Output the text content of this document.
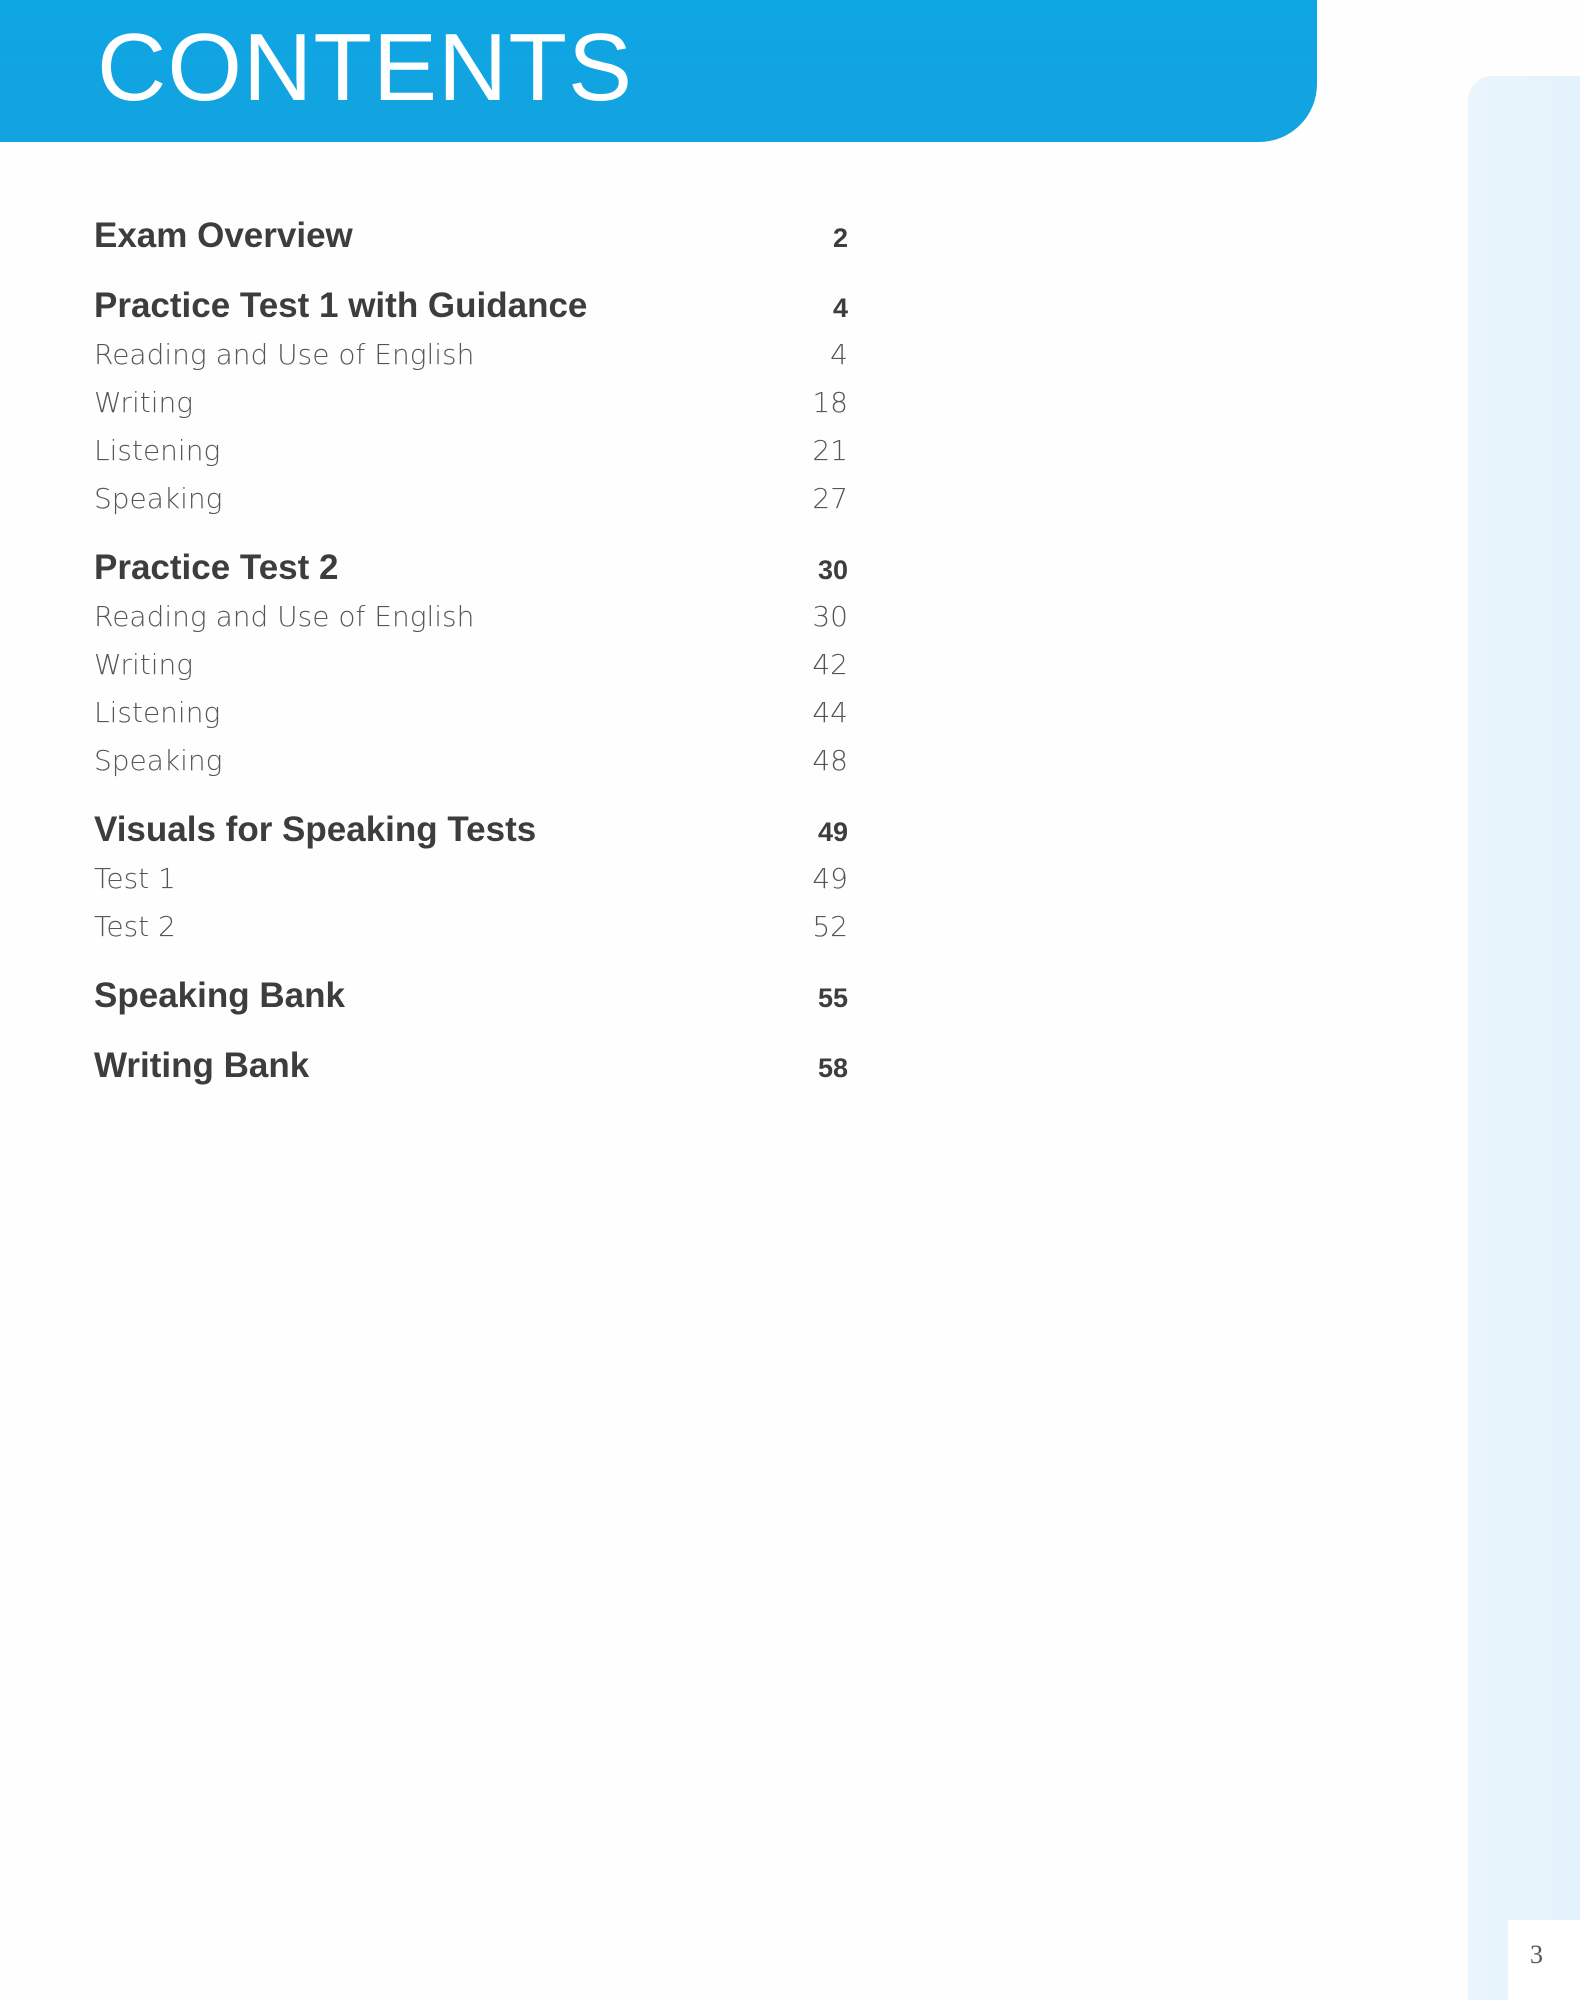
CONTENTS
Exam Overview	2
Practice Test 1 with Guidance	4
Reading and Use of English	4
Writing	18
Listening	21
Speaking	27
Practice Test 2	30
Reading and Use of English	30
Writing	42
Listening	44
Speaking	48
Visuals for Speaking Tests	49
Test 1	49
Test 2	52
Speaking Bank	55
Writing Bank	58
3
